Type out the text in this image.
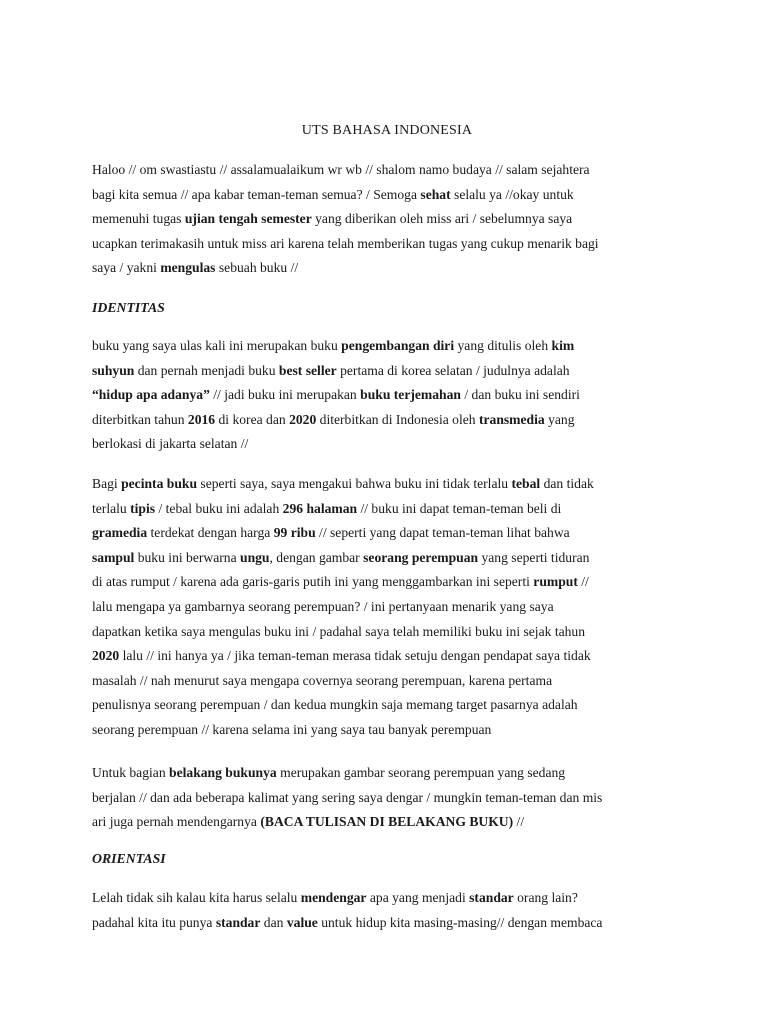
UTS BAHASA INDONESIA
Haloo // om swastiastu // assalamualaikum wr wb // shalom namo budaya // salam sejahtera
bagi kita semua // apa kabar teman-teman semua? / Semoga sehat selalu ya //okay untuk
memenuhi tugas ujian tengah semester yang diberikan oleh miss ari / sebelumnya saya
ucapkan terimakasih untuk miss ari karena telah memberikan tugas yang cukup menarik bagi
saya / yakni mengulas sebuah buku //
IDENTITAS
buku yang saya ulas kali ini merupakan buku pengembangan diri yang ditulis oleh kim
suhyun dan pernah menjadi buku best seller pertama di korea selatan / judulnya adalah
“hidup apa adanya” // jadi buku ini merupakan buku terjemahan / dan buku ini sendiri
diterbitkan tahun 2016 di korea dan 2020 diterbitkan di Indonesia oleh transmedia yang
berlokasi di jakarta selatan //
Bagi pecinta buku seperti saya, saya mengakui bahwa buku ini tidak terlalu tebal dan tidak
terlalu tipis / tebal buku ini adalah 296 halaman // buku ini dapat teman-teman beli di
gramedia terdekat dengan harga 99 ribu // seperti yang dapat teman-teman lihat bahwa
sampul buku ini berwarna ungu, dengan gambar seorang perempuan yang seperti tiduran
di atas rumput / karena ada garis-garis putih ini yang menggambarkan ini seperti rumput //
lalu mengapa ya gambarnya seorang perempuan? / ini pertanyaan menarik yang saya
dapatkan ketika saya mengulas buku ini / padahal saya telah memiliki buku ini sejak tahun
2020 lalu // ini hanya ya / jika teman-teman merasa tidak setuju dengan pendapat saya tidak
masalah // nah menurut saya mengapa covernya seorang perempuan, karena pertama
penulisnya seorang perempuan / dan kedua mungkin saja memang target pasarnya adalah
seorang perempuan // karena selama ini yang saya tau banyak perempuan
Untuk bagian belakang bukunya merupakan gambar seorang perempuan yang sedang
berjalan // dan ada beberapa kalimat yang sering saya dengar / mungkin teman-teman dan mis
ari juga pernah mendengarnya (BACA TULISAN DI BELAKANG BUKU) //
ORIENTASI
Lelah tidak sih kalau kita harus selalu mendengar apa yang menjadi standar orang lain?
padahal kita itu punya standar dan value untuk hidup kita masing-masing// dengan membaca
